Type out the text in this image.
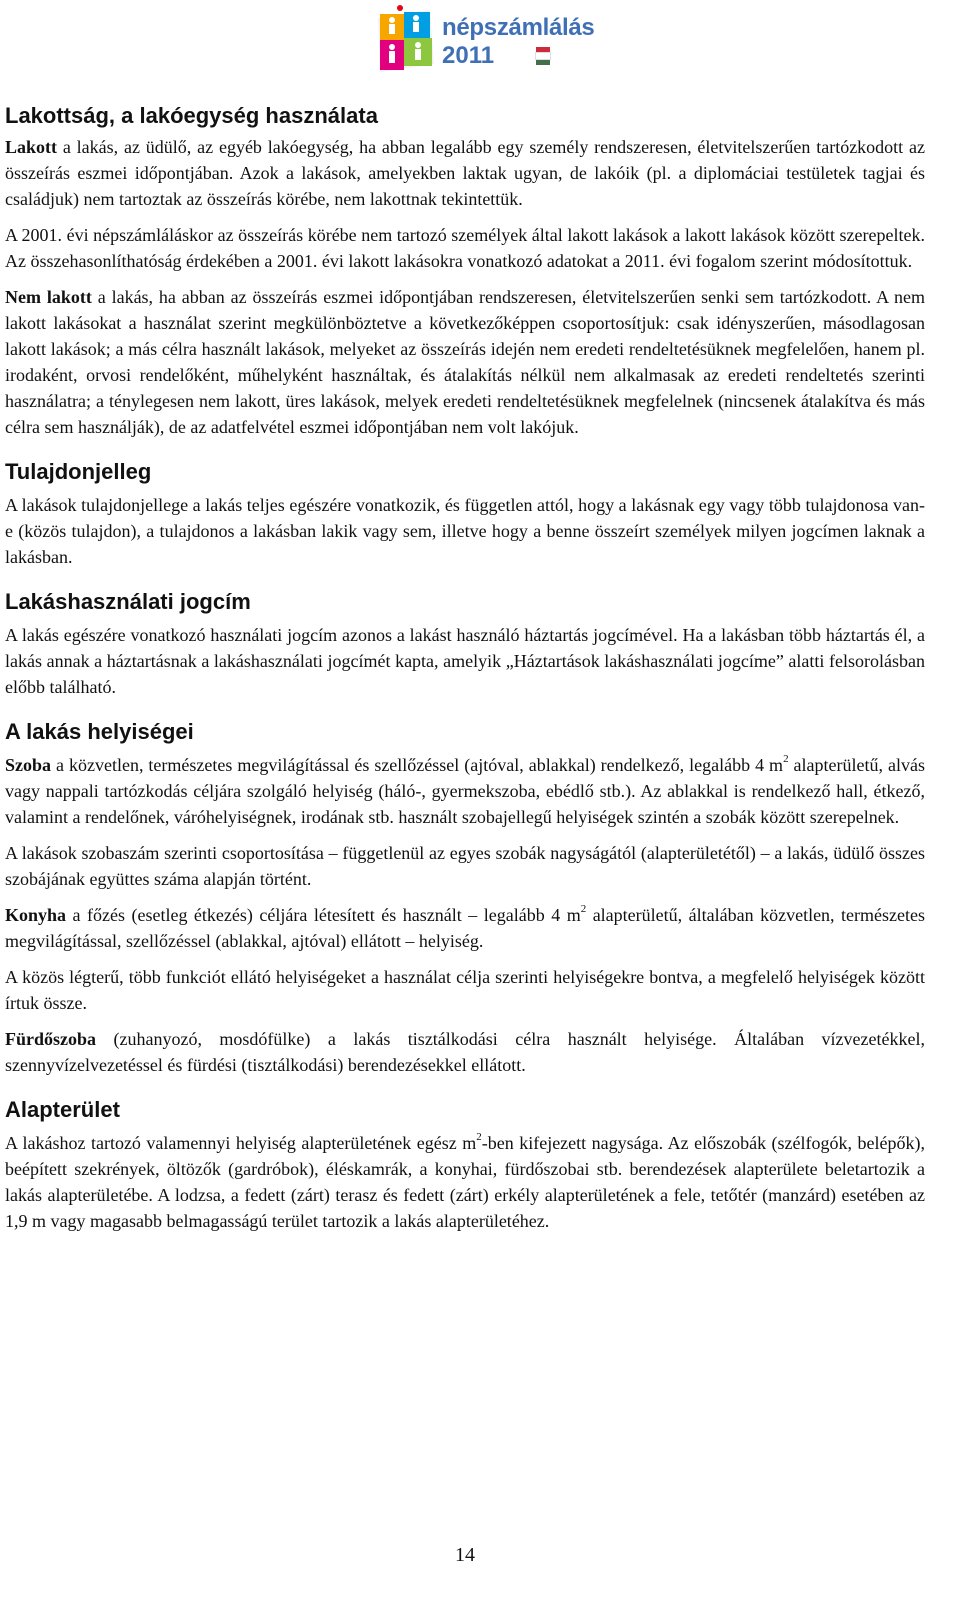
népszámlálás
2011
Lakottság, a lakóegység használata

Lakott a lakás, az üdülő, az egyéb lakóegység, ha abban legalább egy személy rendszeresen, életvitelszerűen tartózkodott az összeírás eszmei időpontjában. Azok a lakások, amelyekben laktak ugyan, de lakóik (pl. a diplomáciai testületek tagjai és családjuk) nem tartoztak az összeírás körébe, nem lakottnak tekintettük.

A 2001. évi népszámláláskor az összeírás körébe nem tartozó személyek által lakott lakások a lakott lakások között szerepeltek. Az összehasonlíthatóság érdekében a 2001. évi lakott lakásokra vonatkozó adatokat a 2011. évi fogalom szerint módosítottuk.

Nem lakott a lakás, ha abban az összeírás eszmei időpontjában rendszeresen, életvitelszerűen senki sem tartózkodott. A nem lakott lakásokat a használat szerint megkülönböztetve a következőképpen csoportosítjuk: csak idényszerűen, másodlagosan lakott lakások; a más célra használt lakások, melyeket az összeírás idején nem eredeti rendeltetésüknek megfelelően, hanem pl. irodaként, orvosi rendelőként, műhelyként használtak, és átalakítás nélkül nem alkalmasak az eredeti rendeltetés szerinti használatra; a ténylegesen nem lakott, üres lakások, melyek eredeti rendeltetésüknek megfelelnek (nincsenek átalakítva és más célra sem használják), de az adatfelvétel eszmei időpontjában nem volt lakójuk.

Tulajdonjelleg

A lakások tulajdonjellege a lakás teljes egészére vonatkozik, és független attól, hogy a lakásnak egy vagy több tulajdonosa van-e (közös tulajdon), a tulajdonos a lakásban lakik vagy sem, illetve hogy a benne összeírt személyek milyen jogcímen laknak a lakásban.

Lakáshasználati jogcím

A lakás egészére vonatkozó használati jogcím azonos a lakást használó háztartás jogcímével. Ha a lakásban több háztartás él, a lakás annak a háztartásnak a lakáshasználati jogcímét kapta, amelyik „Háztartások lakáshasználati jogcíme” alatti felsorolásban előbb található.

A lakás helyiségei

Szoba a közvetlen, természetes megvilágítással és szellőzéssel (ajtóval, ablakkal) rendelkező, legalább 4 $m^2$ alapterületű, alvás vagy nappali tartózkodás céljára szolgáló helyiség (háló-, gyermekszoba, ebédlő stb.). Az ablakkal is rendelkező hall, étkező, valamint a rendelőnek, váróhelyiségnek, irodának stb. használt szobajellegű helyiségek szintén a szobák között szerepelnek.

A lakások szobaszám szerinti csoportosítása – függetlenül az egyes szobák nagyságától (alapterületétől) – a lakás, üdülő összes szobájának együttes száma alapján történt.

Konyha a főzés (esetleg étkezés) céljára létesített és használt – legalább 4 $m^2$ alapterületű, általában közvetlen, természetes megvilágítással, szellőzéssel (ablakkal, ajtóval) ellátott – helyiség.

A közös légterű, több funkciót ellátó helyiségeket a használat célja szerinti helyiségekre bontva, a megfelelő helyiségek között írtuk össze.

Fürdőszoba (zuhanyozó, mosdófülke) a lakás tisztálkodási célra használt helyisége. Általában vízvezetékkel, szennyvízelvezetéssel és fürdési (tisztálkodási) berendezésekkel ellátott.

Alapterület

A lakáshoz tartozó valamennyi helyiség alapterületének egész $m^2$-ben kifejezett nagysága. Az előszobák (szélfogók, belépők), beépített szekrények, öltözők (gardróbok), éléskamrák, a konyhai, fürdőszobai stb. berendezések alapterülete beletartozik a lakás alapterületébe. A lodzsa, a fedett (zárt) terasz és fedett (zárt) erkély alapterületének a fele, tetőtér (manzárd) esetében az 1,9 m vagy magasabb belmagasságú terület tartozik a lakás alapterületéhez.

14
